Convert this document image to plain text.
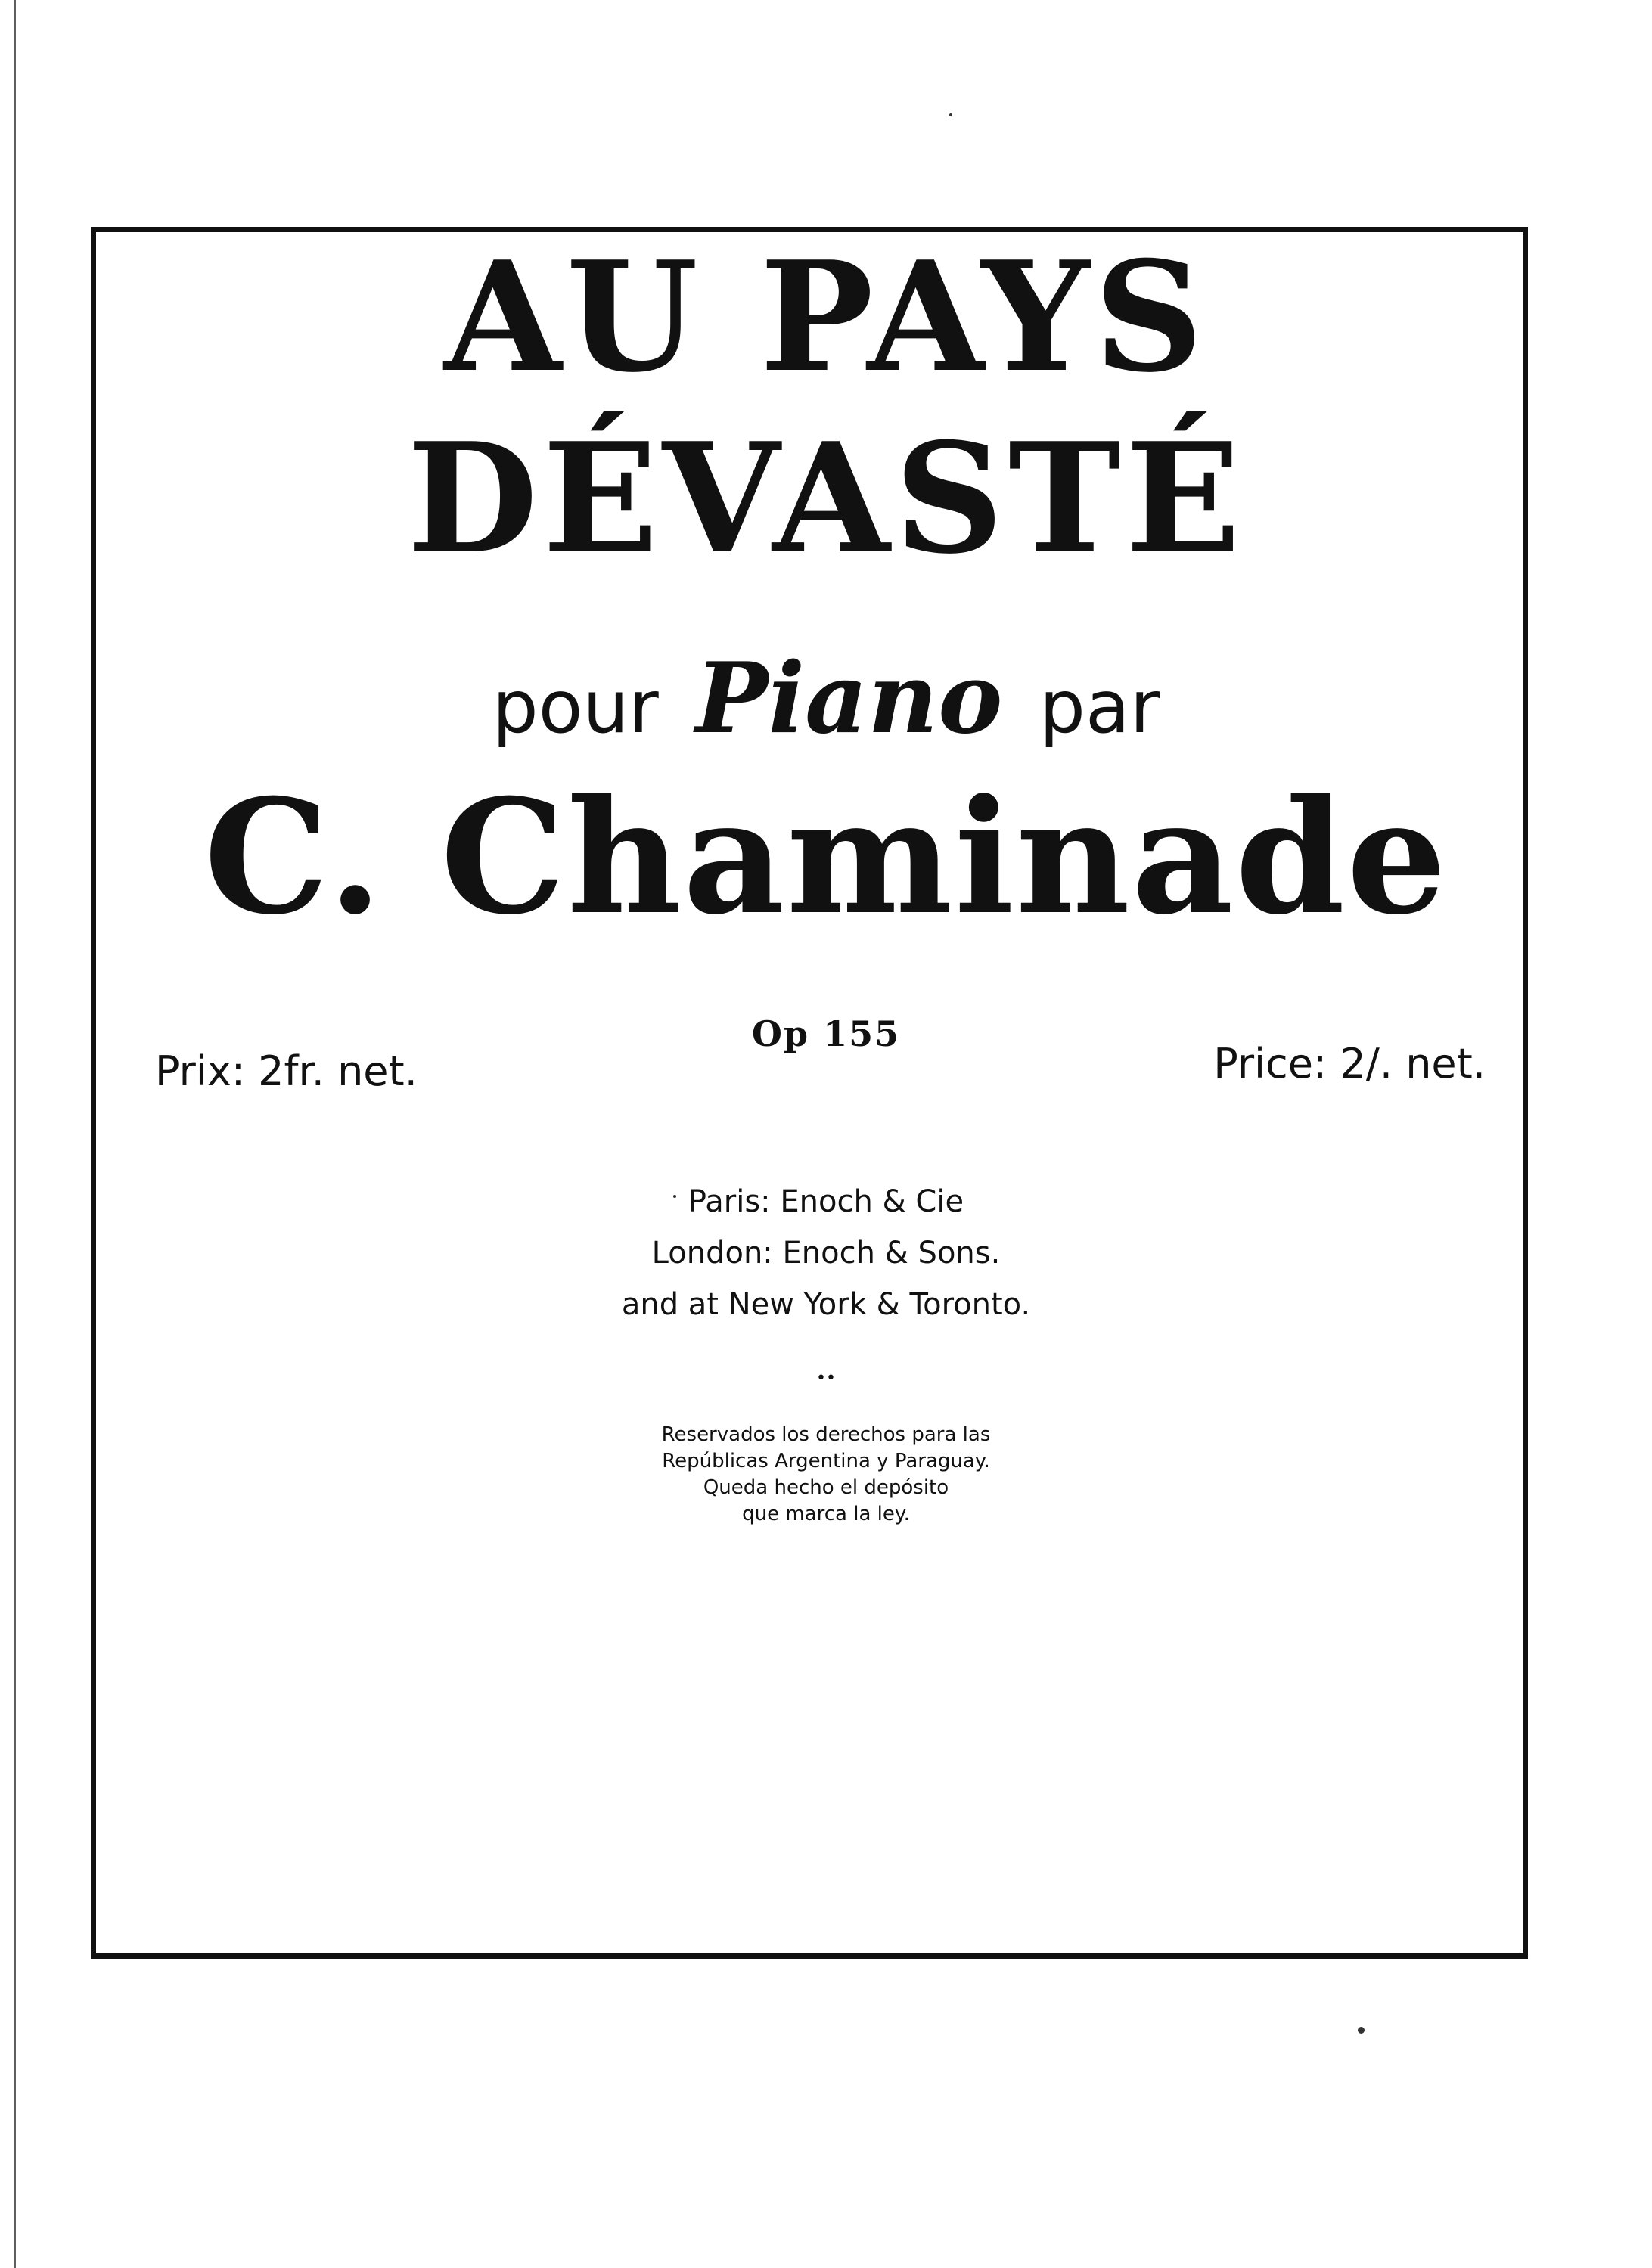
AU PAYS
DÉVASTÉ
pour Piano par
C. Chaminade
Op 155
Prix: 2fr. net.	Price: 2/. net.
Paris: Enoch & Cie
London: Enoch & Sons.
and at New York & Toronto.
••
Reservados los derechos para las
Repúblicas Argentina y Paraguay.
Queda hecho el depósito
que marca la ley.
